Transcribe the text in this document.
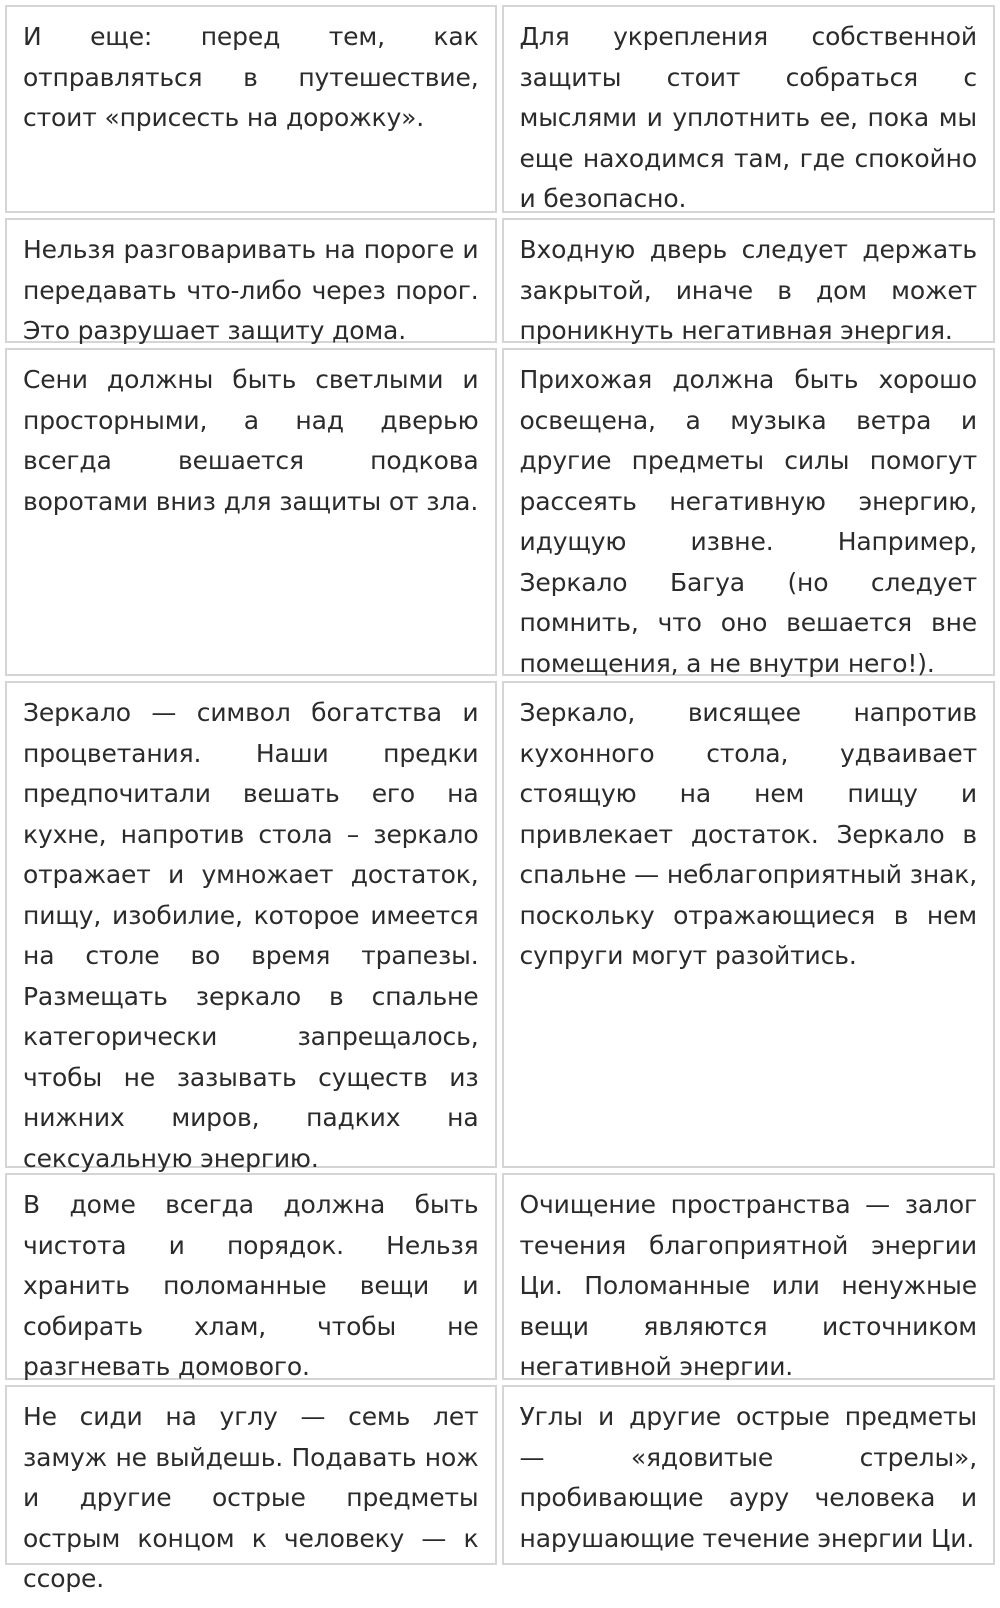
И еще: перед тем, как отправляться в путешествие, стоит «присесть на дорожку».
Для укрепления собственной защиты стоит собраться с мыслями и уплотнить ее, пока мы еще находимся там, где спокойно и безопасно.
Нельзя разговаривать на пороге и передавать что-либо через порог. Это разрушает защиту дома.
Входную дверь следует держать закрытой, иначе в дом может проникнуть негативная энергия.
Сени должны быть светлыми и просторными, а над дверью всегда вешается подкова воротами вниз для защиты от зла.
Прихожая должна быть хорошо освещена, а музыка ветра и другие предметы силы помогут рассеять негативную энергию, идущую извне. Например, Зеркало Багуа (но следует помнить, что оно вешается вне помещения, а не внутри него!).
Зеркало — символ богатства и процветания. Наши предки предпочитали вешать его на кухне, напротив стола – зеркало отражает и умножает достаток, пищу, изобилие, которое имеется на столе во время трапезы. Размещать зеркало в спальне категорически запрещалось, чтобы не зазывать существ из нижних миров, падких на сексуальную энергию.
Зеркало, висящее напротив кухонного стола, удваивает стоящую на нем пищу и привлекает достаток. Зеркало в спальне — неблагоприятный знак, поскольку отражающиеся в нем супруги могут разойтись.
В доме всегда должна быть чистота и порядок. Нельзя хранить поломанные вещи и собирать хлам, чтобы не разгневать домового.
Очищение пространства — залог течения благоприятной энергии Ци. Поломанные или ненужные вещи являются источником негативной энергии.
Не сиди на углу — семь лет замуж не выйдешь. Подавать нож и другие острые предметы острым концом к человеку — к ссоре.
Углы и другие острые предметы — «ядовитые стрелы», пробивающие ауру человека и нарушающие течение энергии Ци.
